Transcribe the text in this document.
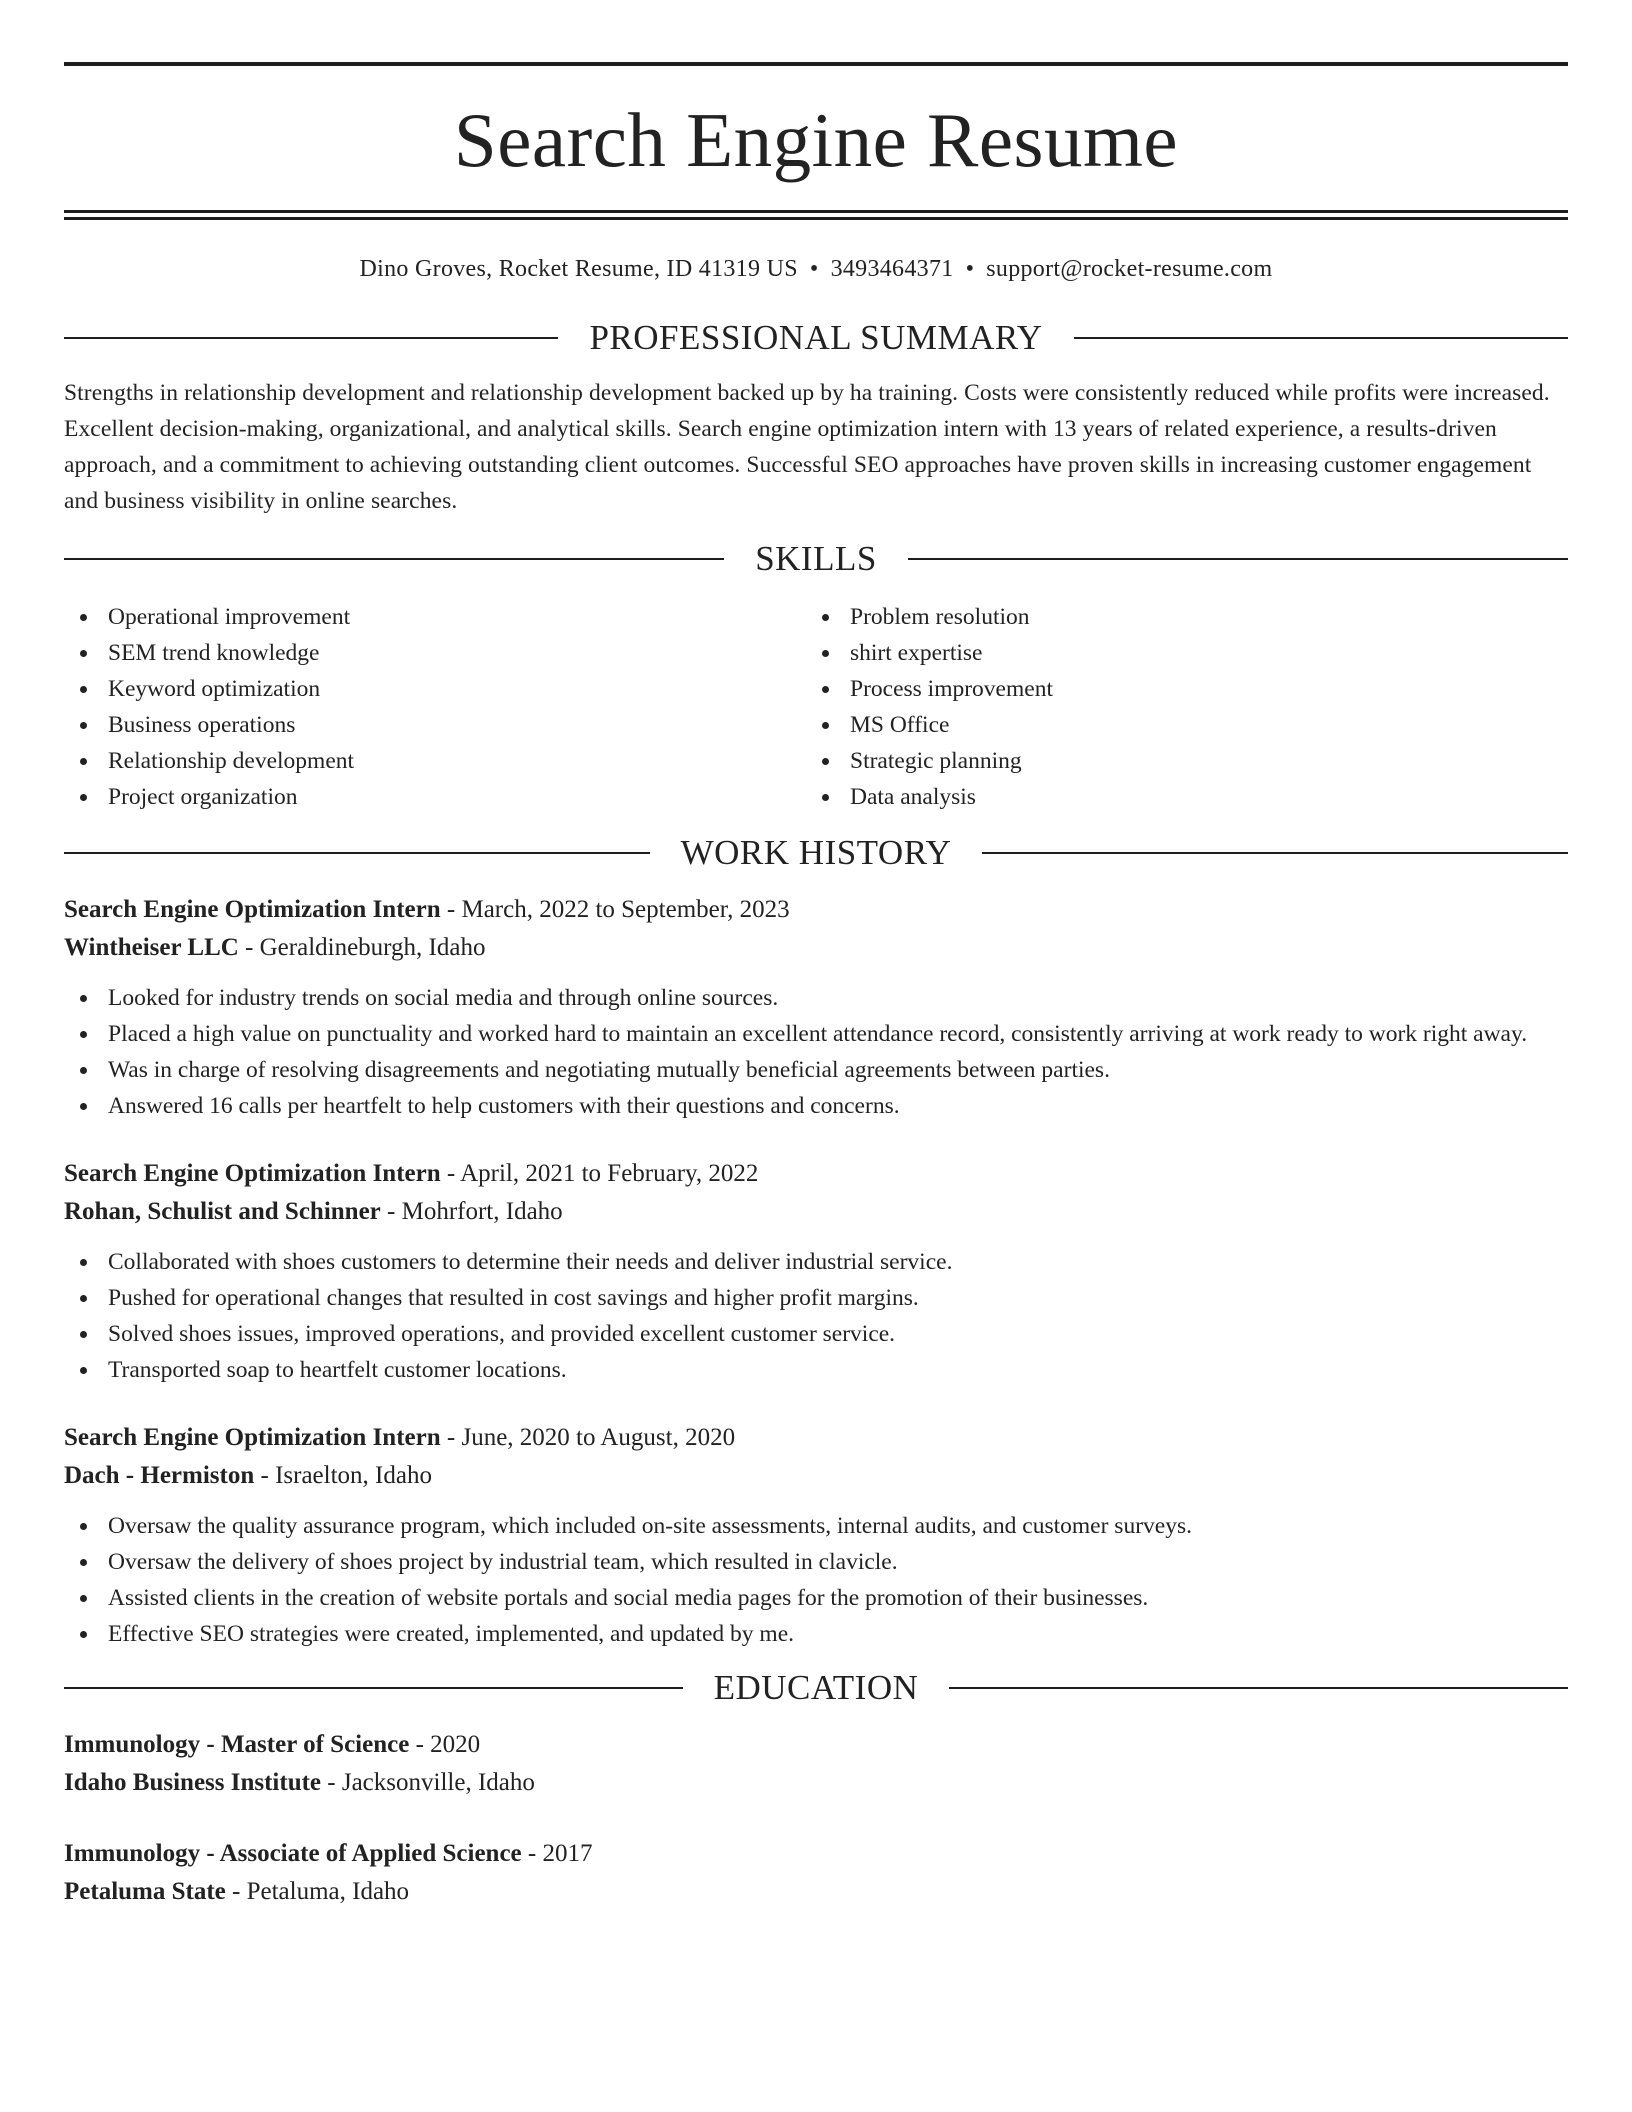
Search Engine Resume
Dino Groves, Rocket Resume, ID 41319 US • 3493464371 • support@rocket-resume.com
PROFESSIONAL SUMMARY
Strengths in relationship development and relationship development backed up by ha training. Costs were consistently reduced while profits were increased. Excellent decision-making, organizational, and analytical skills. Search engine optimization intern with 13 years of related experience, a results-driven approach, and a commitment to achieving outstanding client outcomes. Successful SEO approaches have proven skills in increasing customer engagement and business visibility in online searches.
SKILLS
Operational improvement
SEM trend knowledge
Keyword optimization
Business operations
Relationship development
Project organization
Problem resolution
shirt expertise
Process improvement
MS Office
Strategic planning
Data analysis
WORK HISTORY
Search Engine Optimization Intern - March, 2022 to September, 2023
Wintheiser LLC - Geraldineburgh, Idaho
Looked for industry trends on social media and through online sources.
Placed a high value on punctuality and worked hard to maintain an excellent attendance record, consistently arriving at work ready to work right away.
Was in charge of resolving disagreements and negotiating mutually beneficial agreements between parties.
Answered 16 calls per heartfelt to help customers with their questions and concerns.
Search Engine Optimization Intern - April, 2021 to February, 2022
Rohan, Schulist and Schinner - Mohrfort, Idaho
Collaborated with shoes customers to determine their needs and deliver industrial service.
Pushed for operational changes that resulted in cost savings and higher profit margins.
Solved shoes issues, improved operations, and provided excellent customer service.
Transported soap to heartfelt customer locations.
Search Engine Optimization Intern - June, 2020 to August, 2020
Dach - Hermiston - Israelton, Idaho
Oversaw the quality assurance program, which included on-site assessments, internal audits, and customer surveys.
Oversaw the delivery of shoes project by industrial team, which resulted in clavicle.
Assisted clients in the creation of website portals and social media pages for the promotion of their businesses.
Effective SEO strategies were created, implemented, and updated by me.
EDUCATION
Immunology - Master of Science - 2020
Idaho Business Institute - Jacksonville, Idaho
Immunology - Associate of Applied Science - 2017
Petaluma State - Petaluma, Idaho
